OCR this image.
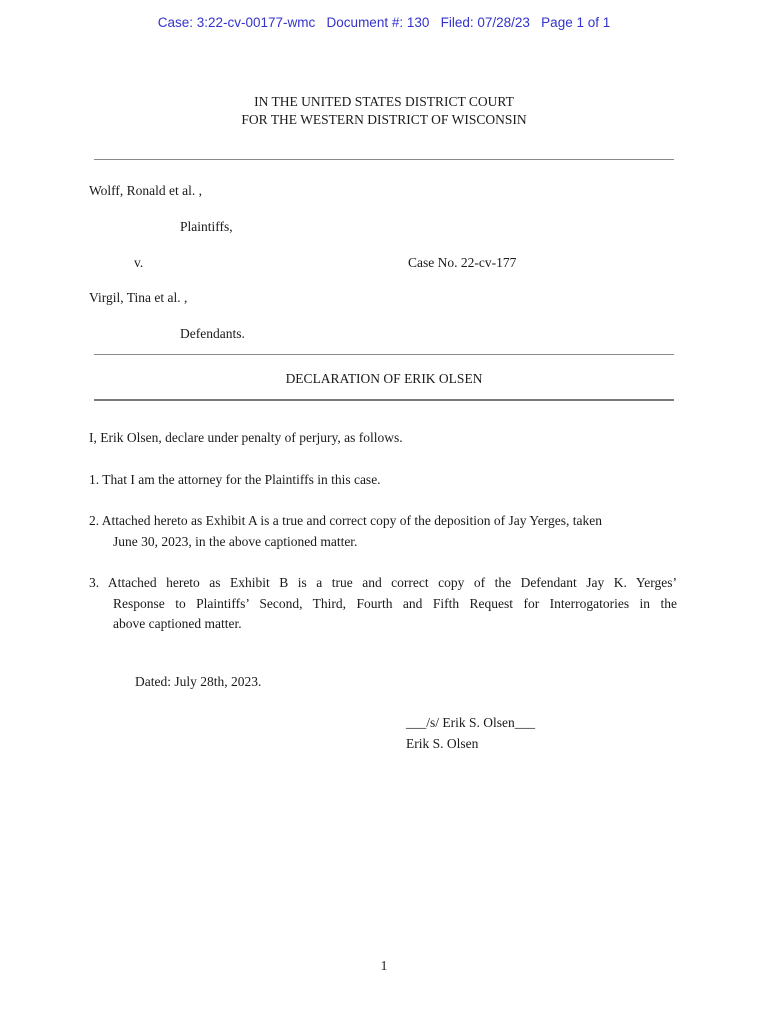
Case: 3:22-cv-00177-wmc   Document #: 130   Filed: 07/28/23   Page 1 of 1
IN THE UNITED STATES DISTRICT COURT
FOR THE WESTERN DISTRICT OF WISCONSIN
Wolff, Ronald et al. ,
Plaintiffs,
v.	Case No. 22-cv-177
Virgil, Tina et al. ,
Defendants.
DECLARATION OF ERIK OLSEN
I, Erik Olsen, declare under penalty of perjury, as follows.
1. That I am the attorney for the Plaintiffs in this case.
2. Attached hereto as Exhibit A is a true and correct copy of the deposition of Jay Yerges, taken
June 30, 2023, in the above captioned matter.
3. Attached hereto as Exhibit B is a true and correct copy of the Defendant Jay K. Yerges’
Response to Plaintiffs’ Second, Third, Fourth and Fifth Request for Interrogatories in the
above captioned matter.
Dated: July 28th, 2023.
___/s/ Erik S. Olsen___
Erik S. Olsen
1
